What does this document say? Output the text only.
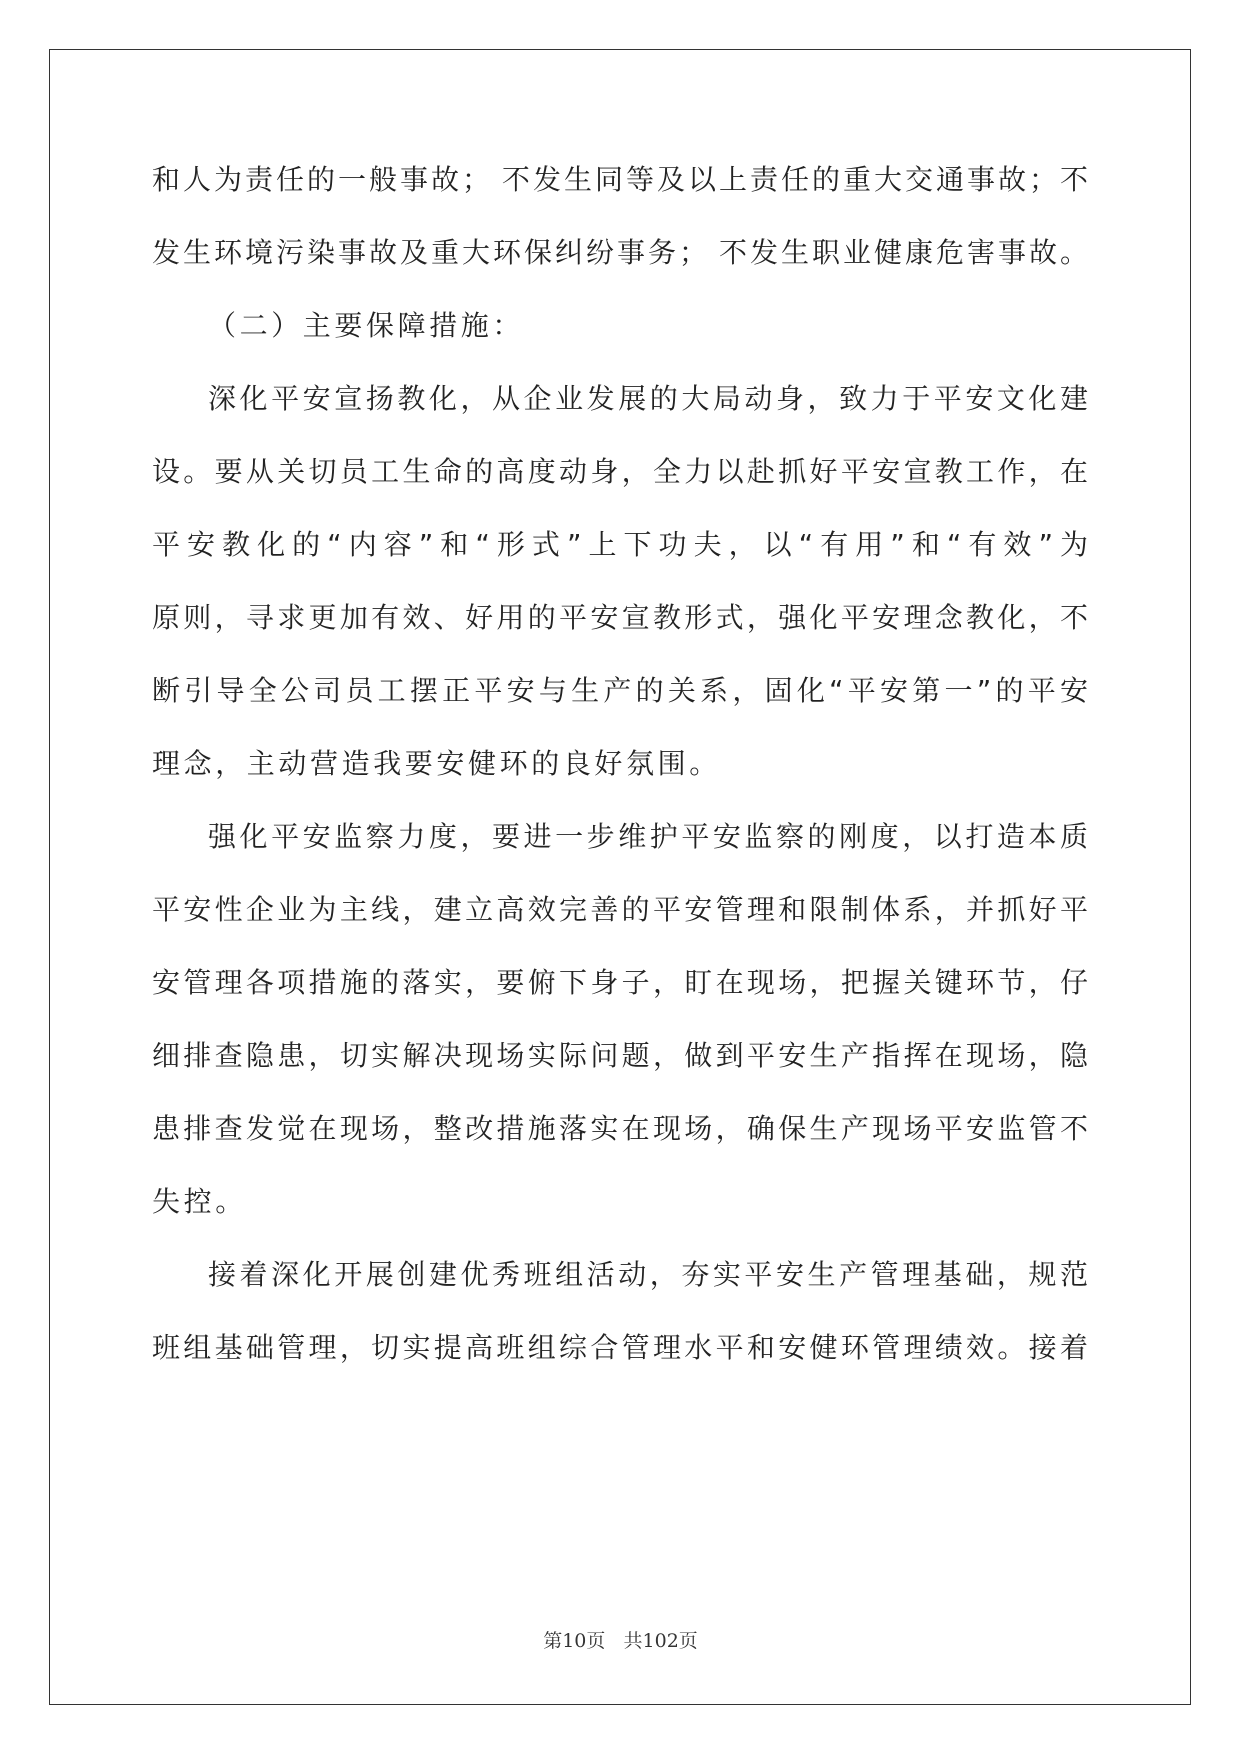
和人为责任的一般事故； 不发生同等及以上责任的重大交通事故；不
发生环境污染事故及重大环保纠纷事务； 不发生职业健康危害事故。
（二）主要保障措施：
深化平安宣扬教化，从企业发展的大局动身，致力于平安文化建
设。要从关切员工生命的高度动身，全力以赴抓好平安宣教工作，在
平安教化的“内容”和“形式”上下功夫，以“有用”和“有效”为
原则，寻求更加有效、好用的平安宣教形式，强化平安理念教化，不
断引导全公司员工摆正平安与生产的关系，固化“平安第一”的平安
理念，主动营造我要安健环的良好氛围。
强化平安监察力度，要进一步维护平安监察的刚度，以打造本质
平安性企业为主线，建立高效完善的平安管理和限制体系，并抓好平
安管理各项措施的落实，要俯下身子，盯在现场，把握关键环节，仔
细排查隐患，切实解决现场实际问题，做到平安生产指挥在现场，隐
患排查发觉在现场，整改措施落实在现场，确保生产现场平安监管不
失控。
接着深化开展创建优秀班组活动，夯实平安生产管理基础，规范
班组基础管理，切实提高班组综合管理水平和安健环管理绩效。接着
第10页   共102页
